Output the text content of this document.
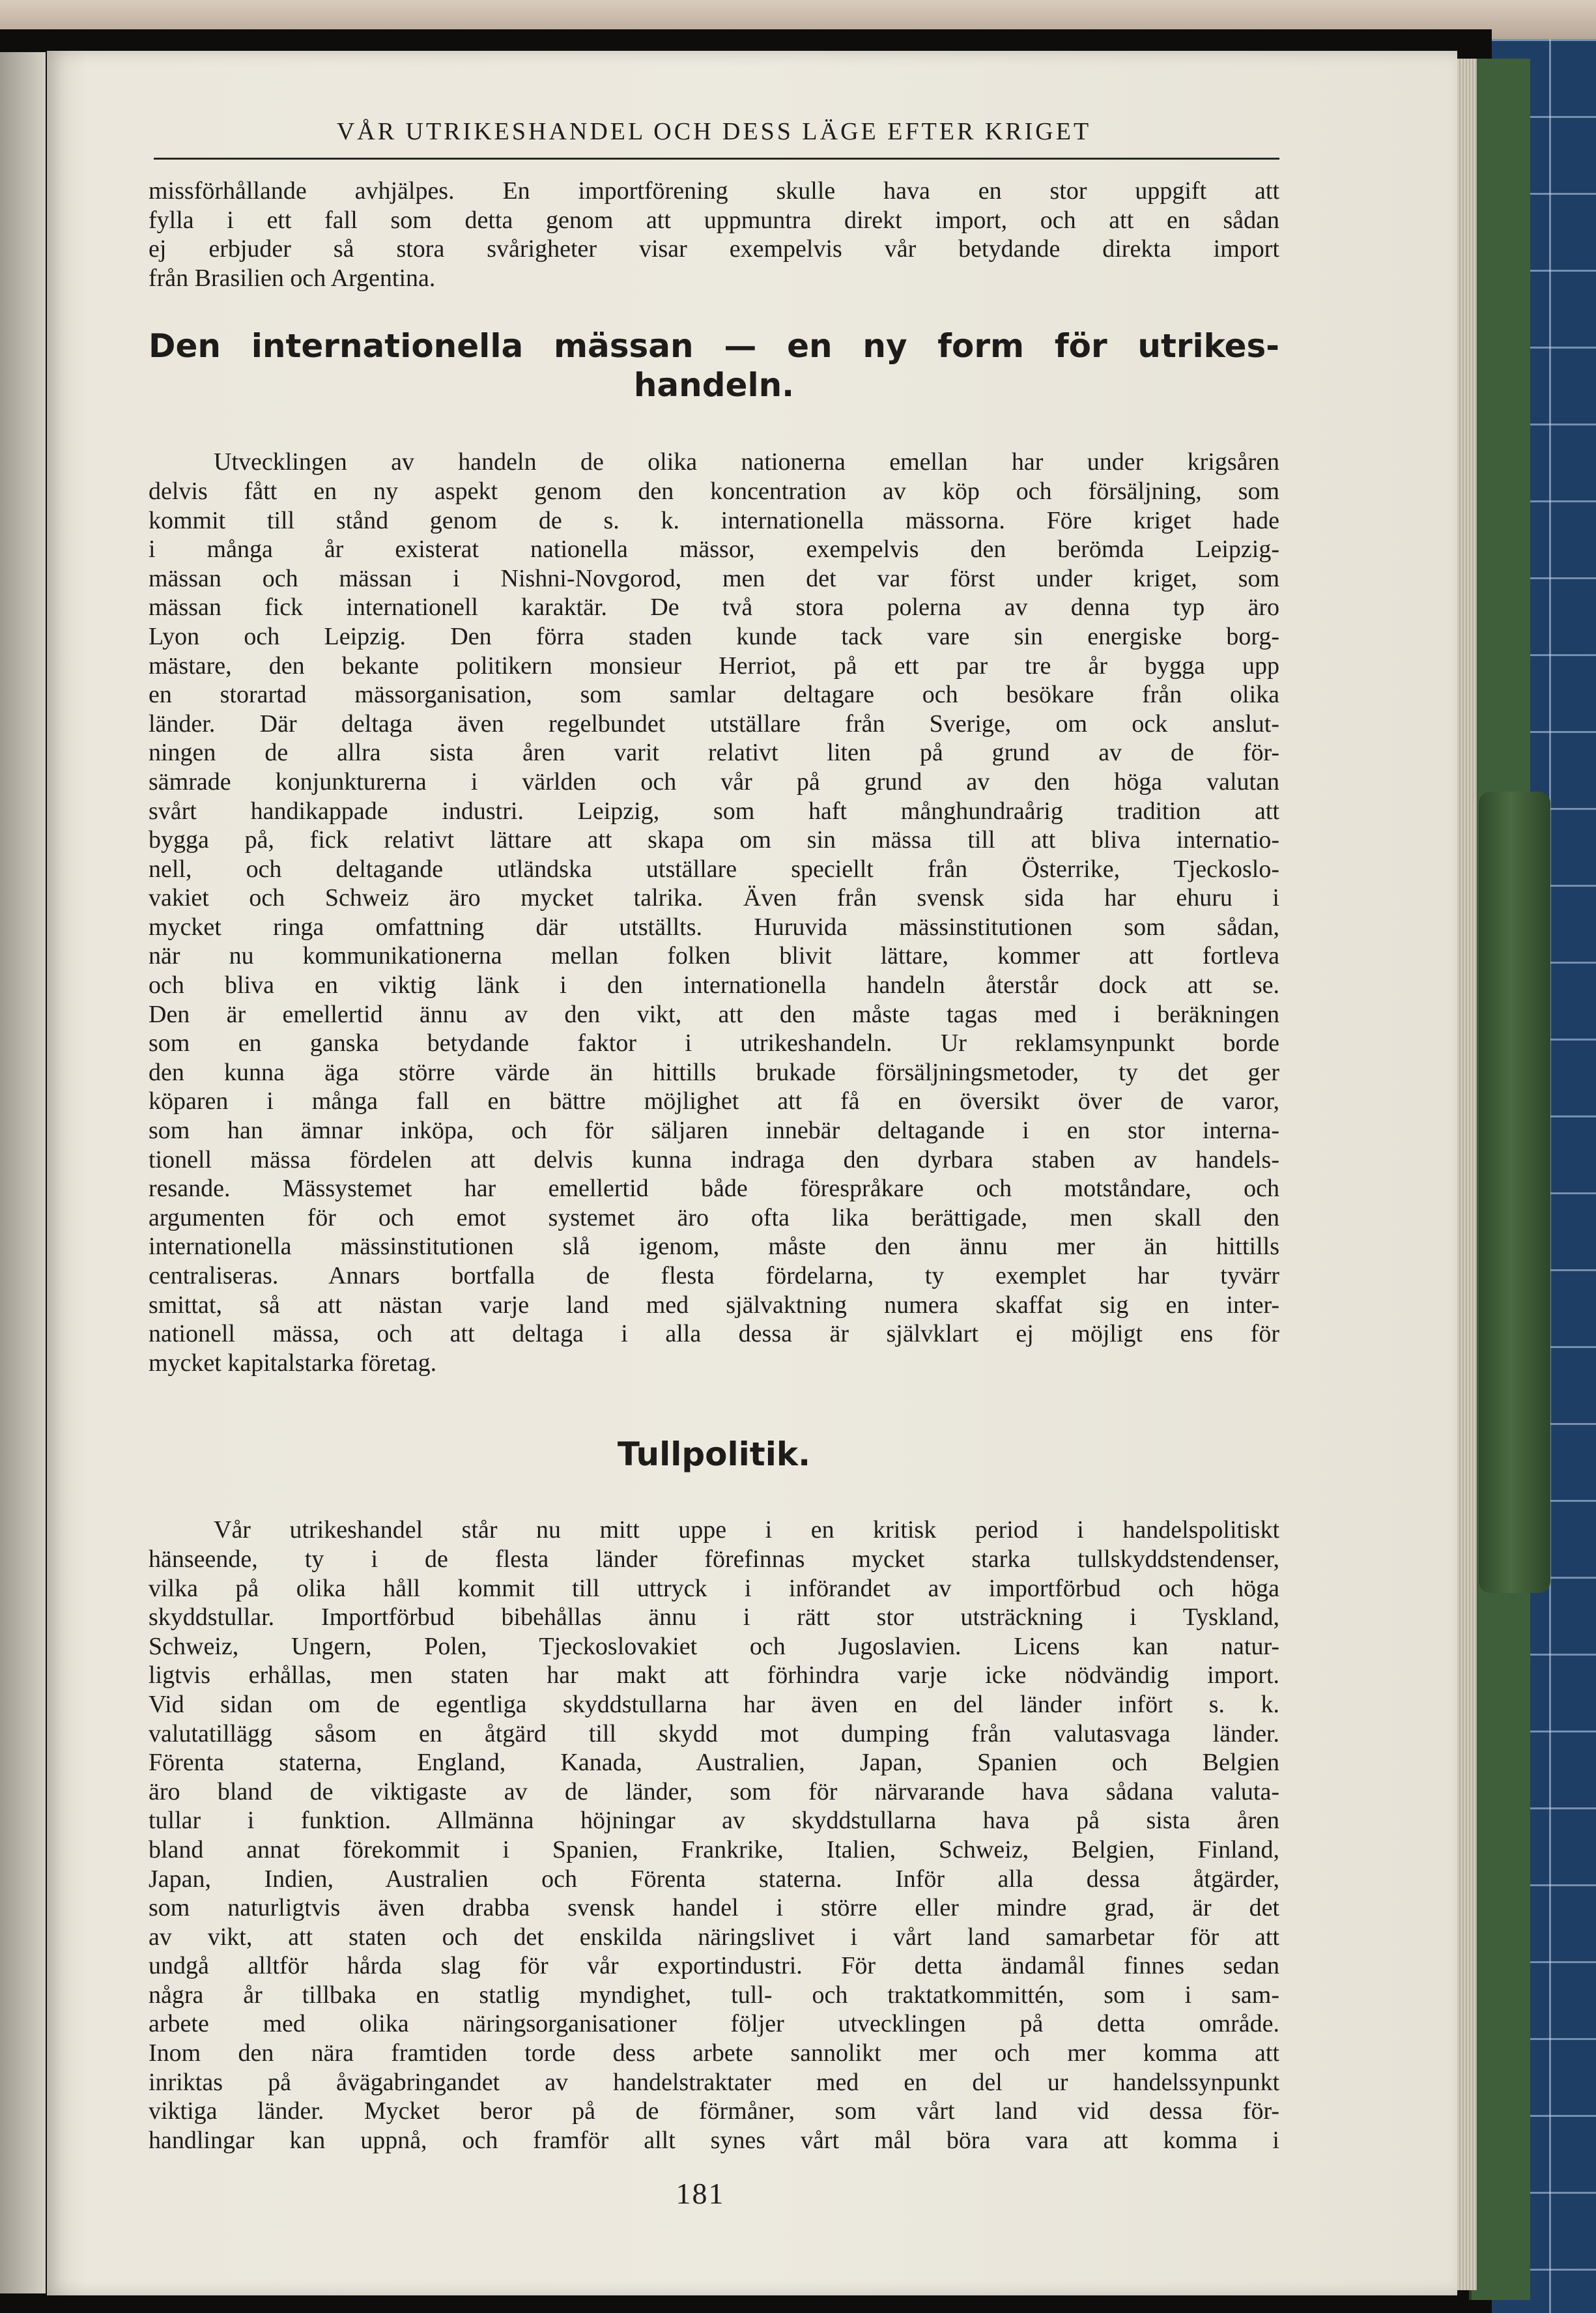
VÅR UTRIKESHANDEL OCH DESS LÄGE EFTER KRIGET

missförhållande avhjälpes. En importförening skulle hava en stor uppgift att
fylla i ett fall som detta genom att uppmuntra direkt import, och att en sådan
ej erbjuder så stora svårigheter visar exempelvis vår betydande direkta import
från Brasilien och Argentina.

Den internationella mässan — en ny form för utrikes-
handeln.

Utvecklingen av handeln de olika nationerna emellan har under krigsåren
delvis fått en ny aspekt genom den koncentration av köp och försäljning, som
kommit till stånd genom de s. k. internationella mässorna. Före kriget hade
i många år existerat nationella mässor, exempelvis den berömda Leipzig-
mässan och mässan i Nishni-Novgorod, men det var först under kriget, som
mässan fick internationell karaktär. De två stora polerna av denna typ äro
Lyon och Leipzig. Den förra staden kunde tack vare sin energiske borg-
mästare, den bekante politikern monsieur Herriot, på ett par tre år bygga upp
en storartad mässorganisation, som samlar deltagare och besökare från olika
länder. Där deltaga även regelbundet utställare från Sverige, om ock anslut-
ningen de allra sista åren varit relativt liten på grund av de för-
sämrade konjunkturerna i världen och vår på grund av den höga valutan
svårt handikappade industri. Leipzig, som haft månghundraårig tradition att
bygga på, fick relativt lättare att skapa om sin mässa till att bliva internatio-
nell, och deltagande utländska utställare speciellt från Österrike, Tjeckoslo-
vakiet och Schweiz äro mycket talrika. Även från svensk sida har ehuru i
mycket ringa omfattning där utställts. Huruvida mässinstitutionen som sådan,
när nu kommunikationerna mellan folken blivit lättare, kommer att fortleva
och bliva en viktig länk i den internationella handeln återstår dock att se.
Den är emellertid ännu av den vikt, att den måste tagas med i beräkningen
som en ganska betydande faktor i utrikeshandeln. Ur reklamsynpunkt borde
den kunna äga större värde än hittills brukade försäljningsmetoder, ty det ger
köparen i många fall en bättre möjlighet att få en översikt över de varor,
som han ämnar inköpa, och för säljaren innebär deltagande i en stor interna-
tionell mässa fördelen att delvis kunna indraga den dyrbara staben av handels-
resande. Mässystemet har emellertid både förespråkare och motståndare, och
argumenten för och emot systemet äro ofta lika berättigade, men skall den
internationella mässinstitutionen slå igenom, måste den ännu mer än hittills
centraliseras. Annars bortfalla de flesta fördelarna, ty exemplet har tyvärr
smittat, så att nästan varje land med självaktning numera skaffat sig en inter-
nationell mässa, och att deltaga i alla dessa är självklart ej möjligt ens för
mycket kapitalstarka företag.

Tullpolitik.

Vår utrikeshandel står nu mitt uppe i en kritisk period i handelspolitiskt
hänseende, ty i de flesta länder förefinnas mycket starka tullskyddstendenser,
vilka på olika håll kommit till uttryck i införandet av importförbud och höga
skyddstullar. Importförbud bibehållas ännu i rätt stor utsträckning i Tyskland,
Schweiz, Ungern, Polen, Tjeckoslovakiet och Jugoslavien. Licens kan natur-
ligtvis erhållas, men staten har makt att förhindra varje icke nödvändig import.
Vid sidan om de egentliga skyddstullarna har även en del länder infört s. k.
valutatillägg såsom en åtgärd till skydd mot dumping från valutasvaga länder.
Förenta staterna, England, Kanada, Australien, Japan, Spanien och Belgien
äro bland de viktigaste av de länder, som för närvarande hava sådana valuta-
tullar i funktion. Allmänna höjningar av skyddstullarna hava på sista åren
bland annat förekommit i Spanien, Frankrike, Italien, Schweiz, Belgien, Finland,
Japan, Indien, Australien och Förenta staterna. Inför alla dessa åtgärder,
som naturligtvis även drabba svensk handel i större eller mindre grad, är det
av vikt, att staten och det enskilda näringslivet i vårt land samarbetar för att
undgå alltför hårda slag för vår exportindustri. För detta ändamål finnes sedan
några år tillbaka en statlig myndighet, tull- och traktatkommittén, som i sam-
arbete med olika näringsorganisationer följer utvecklingen på detta område.
Inom den nära framtiden torde dess arbete sannolikt mer och mer komma att
inriktas på åvägabringandet av handelstraktater med en del ur handelssynpunkt
viktiga länder. Mycket beror på de förmåner, som vårt land vid dessa för-
handlingar kan uppnå, och framför allt synes vårt mål böra vara att komma i

181
